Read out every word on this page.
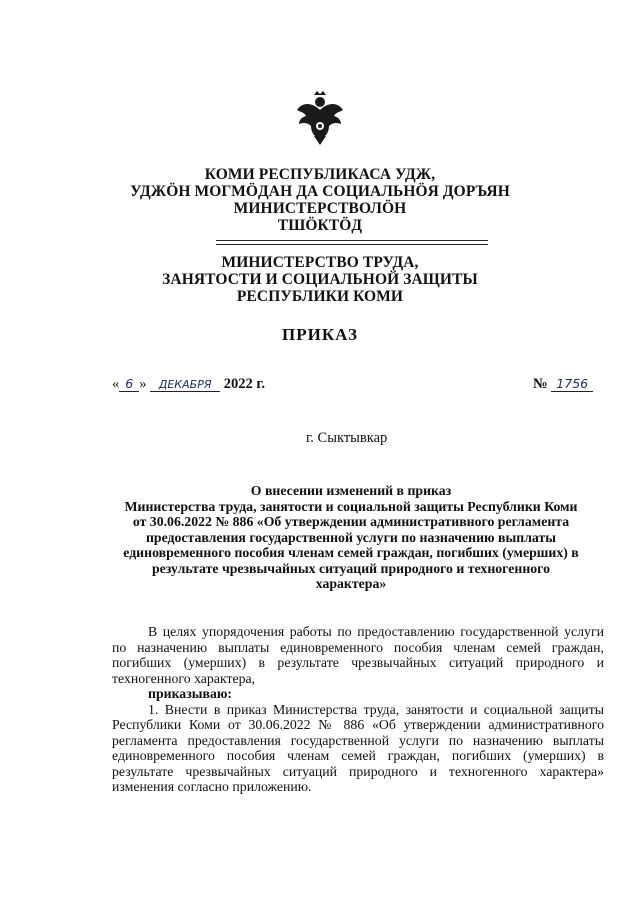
КОМИ РЕСПУБЛИКАСА УДЖ,
УДЖÖН МОГМÖДАН ДА СОЦИАЛЬНÖЯ ДОРЪЯН
МИНИСТЕРСТВОЛÖН
ТШÖКТÖД
МИНИСТЕРСТВО ТРУДА,
ЗАНЯТОСТИ И СОЦИАЛЬНОЙ ЗАЩИТЫ
РЕСПУБЛИКИ КОМИ
ПРИКАЗ
« 6 » ДЕКАБРЯ 2022 г.	№ 1756
г. Сыктывкар
О внесении изменений в приказ
Министерства труда, занятости и социальной защиты Республики Коми
от 30.06.2022 № 886 «Об утверждении административного регламента
предоставления государственной услуги по назначению выплаты
единовременного пособия членам семей граждан, погибших (умерших) в
результате чрезвычайных ситуаций природного и техногенного
характера»

В целях упорядочения работы по предоставлению государственной услуги по назначению выплаты единовременного пособия членам семей граждан, погибших (умерших) в результате чрезвычайных ситуаций природного и техногенного характера,

приказываю:

1. Внести в приказ Министерства труда, занятости и социальной защиты Республики Коми от 30.06.2022 № 886 «Об утверждении административного регламента предоставления государственной услуги по назначению выплаты единовременного пособия членам семей граждан, погибших (умерших) в результате чрезвычайных ситуаций природного и техногенного характера» изменения согласно приложению.
